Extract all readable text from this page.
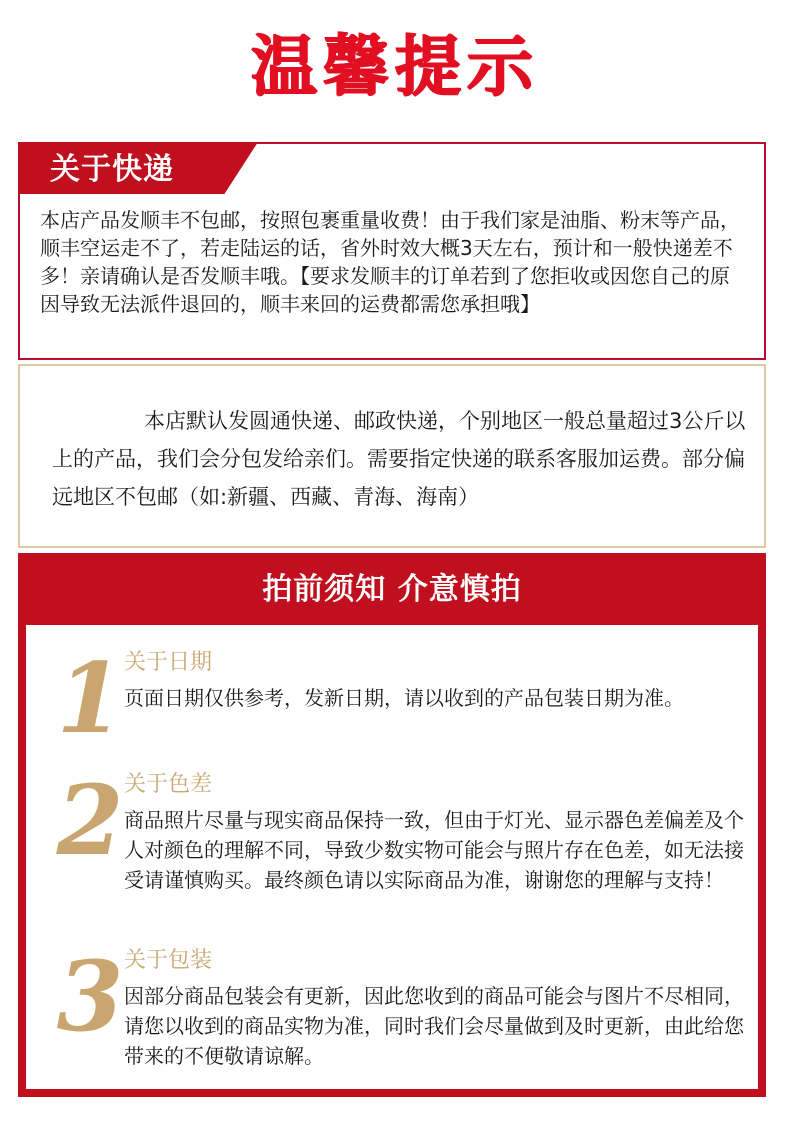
温馨提示
关于快递

本店产品发顺丰不包邮，按照包裹重量收费！由于我们家是油脂、粉末等产品，顺丰空运走不了，若走陆运的话，省外时效大概3天左右，预计和一般快递差不多！亲请确认是否发顺丰哦。【要求发顺丰的订单若到了您拒收或因您自己的原因导致无法派件退回的，顺丰来回的运费都需您承担哦】

本店默认发圆通快递、邮政快递，个别地区一般总量超过3公斤以上的产品，我们会分包发给亲们。需要指定快递的联系客服加运费。部分偏远地区不包邮（如:新疆、西藏、青海、海南）

拍前须知 介意慎拍
1 关于日期

页面日期仅供参考，发新日期，请以收到的产品包装日期为准。

2 关于色差

商品照片尽量与现实商品保持一致，但由于灯光、显示器色差偏差及个人对颜色的理解不同，导致少数实物可能会与照片存在色差，如无法接受请谨慎购买。最终颜色请以实际商品为准，谢谢您的理解与支持！

3 关于包装

因部分商品包装会有更新，因此您收到的商品可能会与图片不尽相同，请您以收到的商品实物为准，同时我们会尽量做到及时更新，由此给您带来的不便敬请谅解。
